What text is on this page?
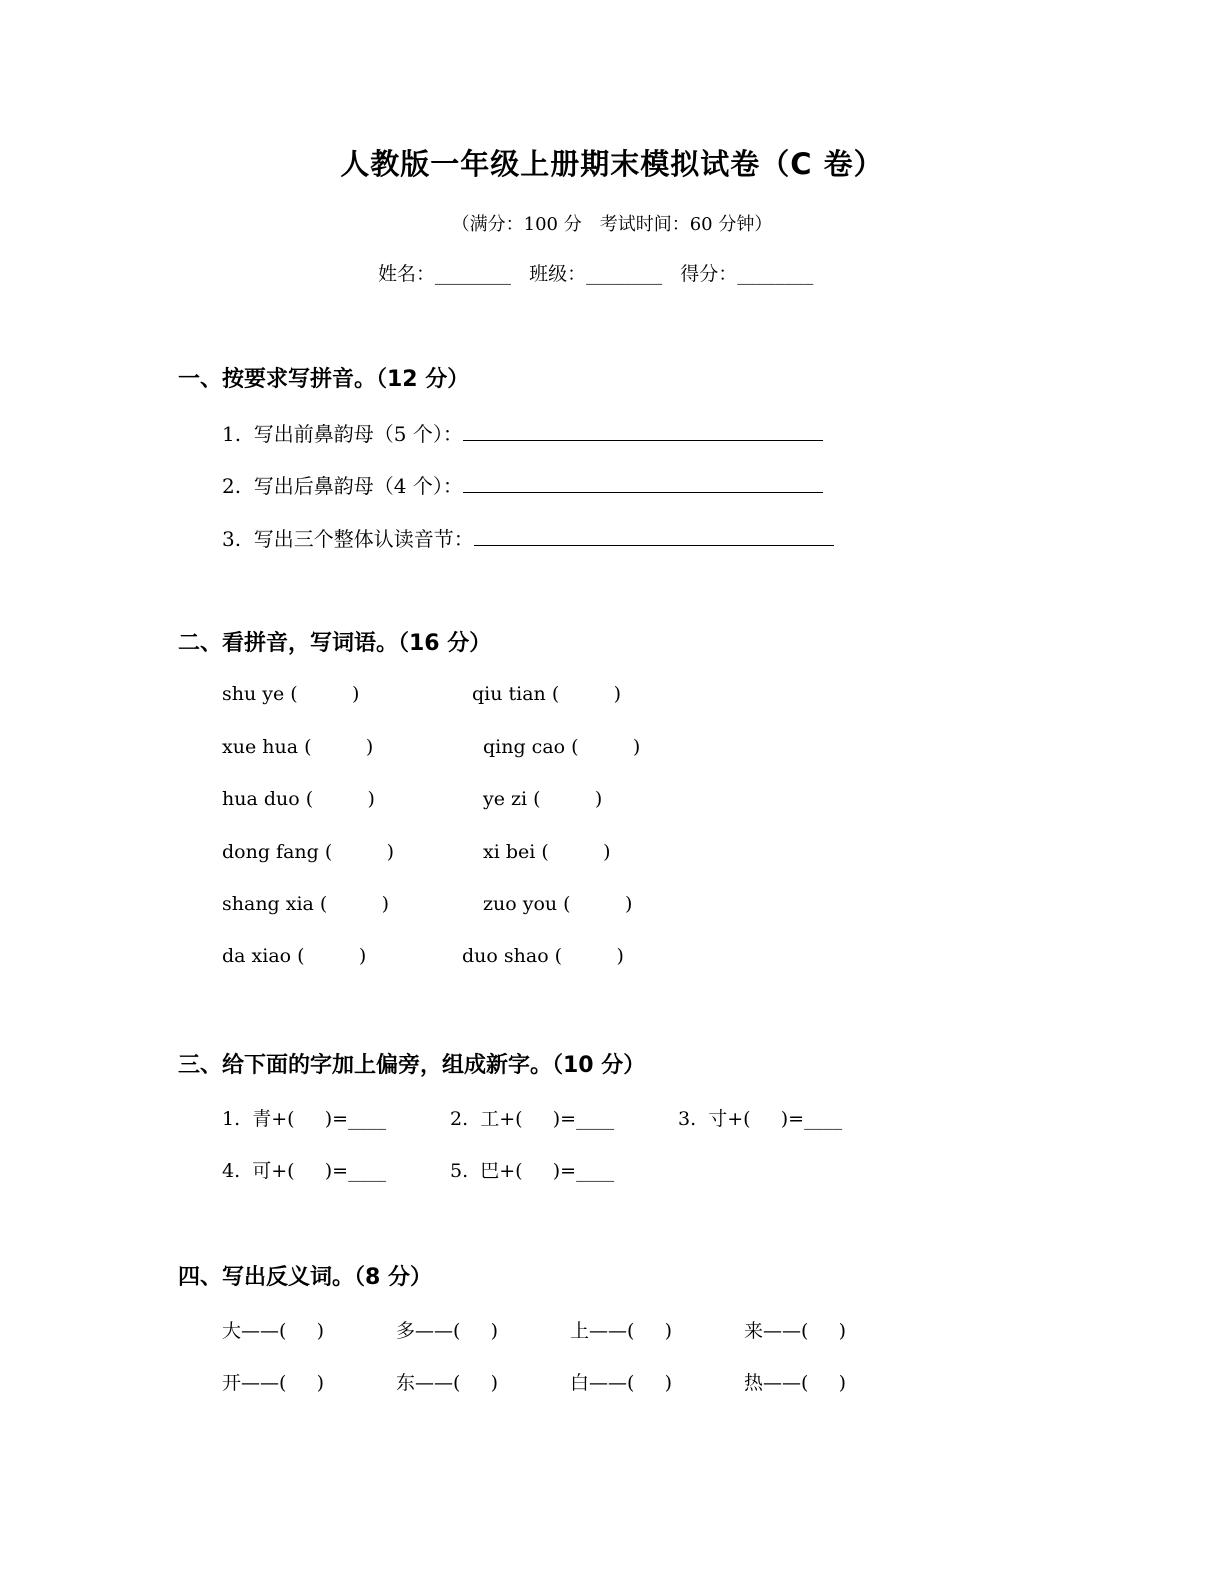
人教版一年级上册期末模拟试卷（C 卷）
（满分：100 分　考试时间：60 分钟）
姓名：________ 班级：________ 得分：________
一、按要求写拼音。（12 分）
1.  写出前鼻韵母（5 个）：
2.  写出后鼻韵母（4 个）：
3.  写出三个整体认读音节：
二、看拼音，写词语。（16 分）
shu ye (         )	qiu tian (         )
xue hua (         )	qing cao (         )
hua duo (         )	ye zi (         )
dong fang (         )	xi bei (         )
shang xia (         )	zuo you (         )
da xiao (         )	duo shao (         )
三、给下面的字加上偏旁，组成新字。（10 分）
1.  青+(     )=____	2.  工+(     )=____	3.  寸+(     )=____
4.  可+(     )=____	5.  巴+(     )=____
四、写出反义词。（8 分）
大——(     )	多——(     )	上——(     )	来——(     )
开——(     )	东——(     )	白——(     )	热——(     )
